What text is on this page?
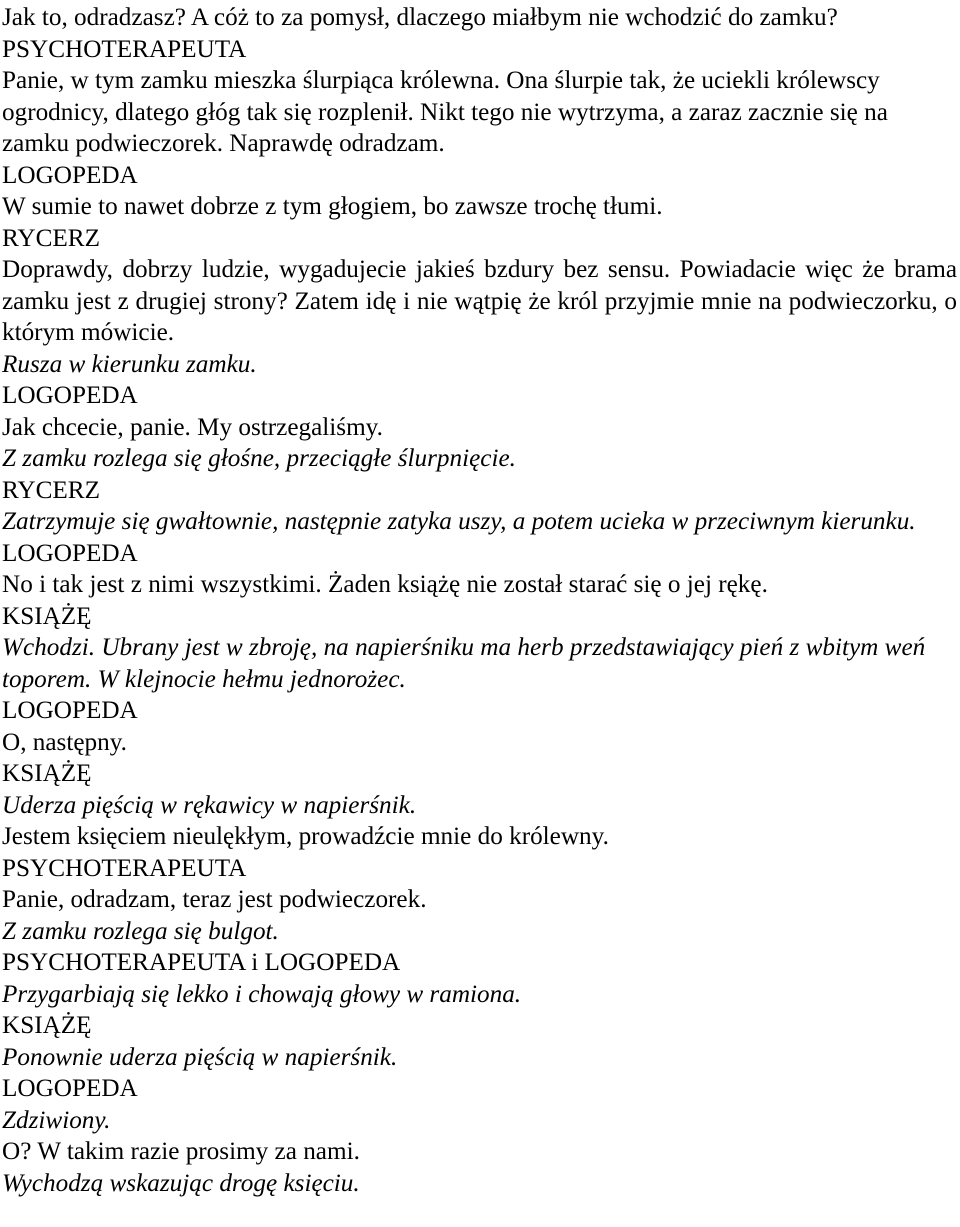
Jak to, odradzasz? A cóż to za pomysł, dlaczego miałbym nie wchodzić do zamku?

PSYCHOTERAPEUTA

Panie, w tym zamku mieszka ślurpiąca królewna. Ona ślurpie tak, że uciekli królewscy ogrodnicy, dlatego głóg tak się rozplenił. Nikt tego nie wytrzyma, a zaraz zacznie się na zamku podwieczorek. Naprawdę odradzam.

LOGOPEDA

W sumie to nawet dobrze z tym głogiem, bo zawsze trochę tłumi.

RYCERZ

Doprawdy, dobrzy ludzie, wygadujecie jakieś bzdury bez sensu. Powiadacie więc że brama zamku jest z drugiej strony? Zatem idę i nie wątpię że król przyjmie mnie na podwieczorku, o którym mówicie.

Rusza w kierunku zamku.

LOGOPEDA

Jak chcecie, panie. My ostrzegaliśmy.

Z zamku rozlega się głośne, przeciągłe ślurpnięcie.

RYCERZ

Zatrzymuje się gwałtownie, następnie zatyka uszy, a potem ucieka w przeciwnym kierunku.

LOGOPEDA

No i tak jest z nimi wszystkimi. Żaden książę nie został starać się o jej rękę.

KSIĄŻĘ

Wchodzi. Ubrany jest w zbroję, na napierśniku ma herb przedstawiający pień z wbitym weń toporem. W klejnocie hełmu jednorożec.

LOGOPEDA

O, następny.

KSIĄŻĘ

Uderza pięścią w rękawicy w napierśnik.

Jestem księciem nieulękłym, prowadźcie mnie do królewny.

PSYCHOTERAPEUTA

Panie, odradzam, teraz jest podwieczorek.

Z zamku rozlega się bulgot.

PSYCHOTERAPEUTA i LOGOPEDA

Przygarbiają się lekko i chowają głowy w ramiona.

KSIĄŻĘ

Ponownie uderza pięścią w napierśnik.

LOGOPEDA

Zdziwiony.

O? W takim razie prosimy za nami.

Wychodzą wskazując drogę księciu.
